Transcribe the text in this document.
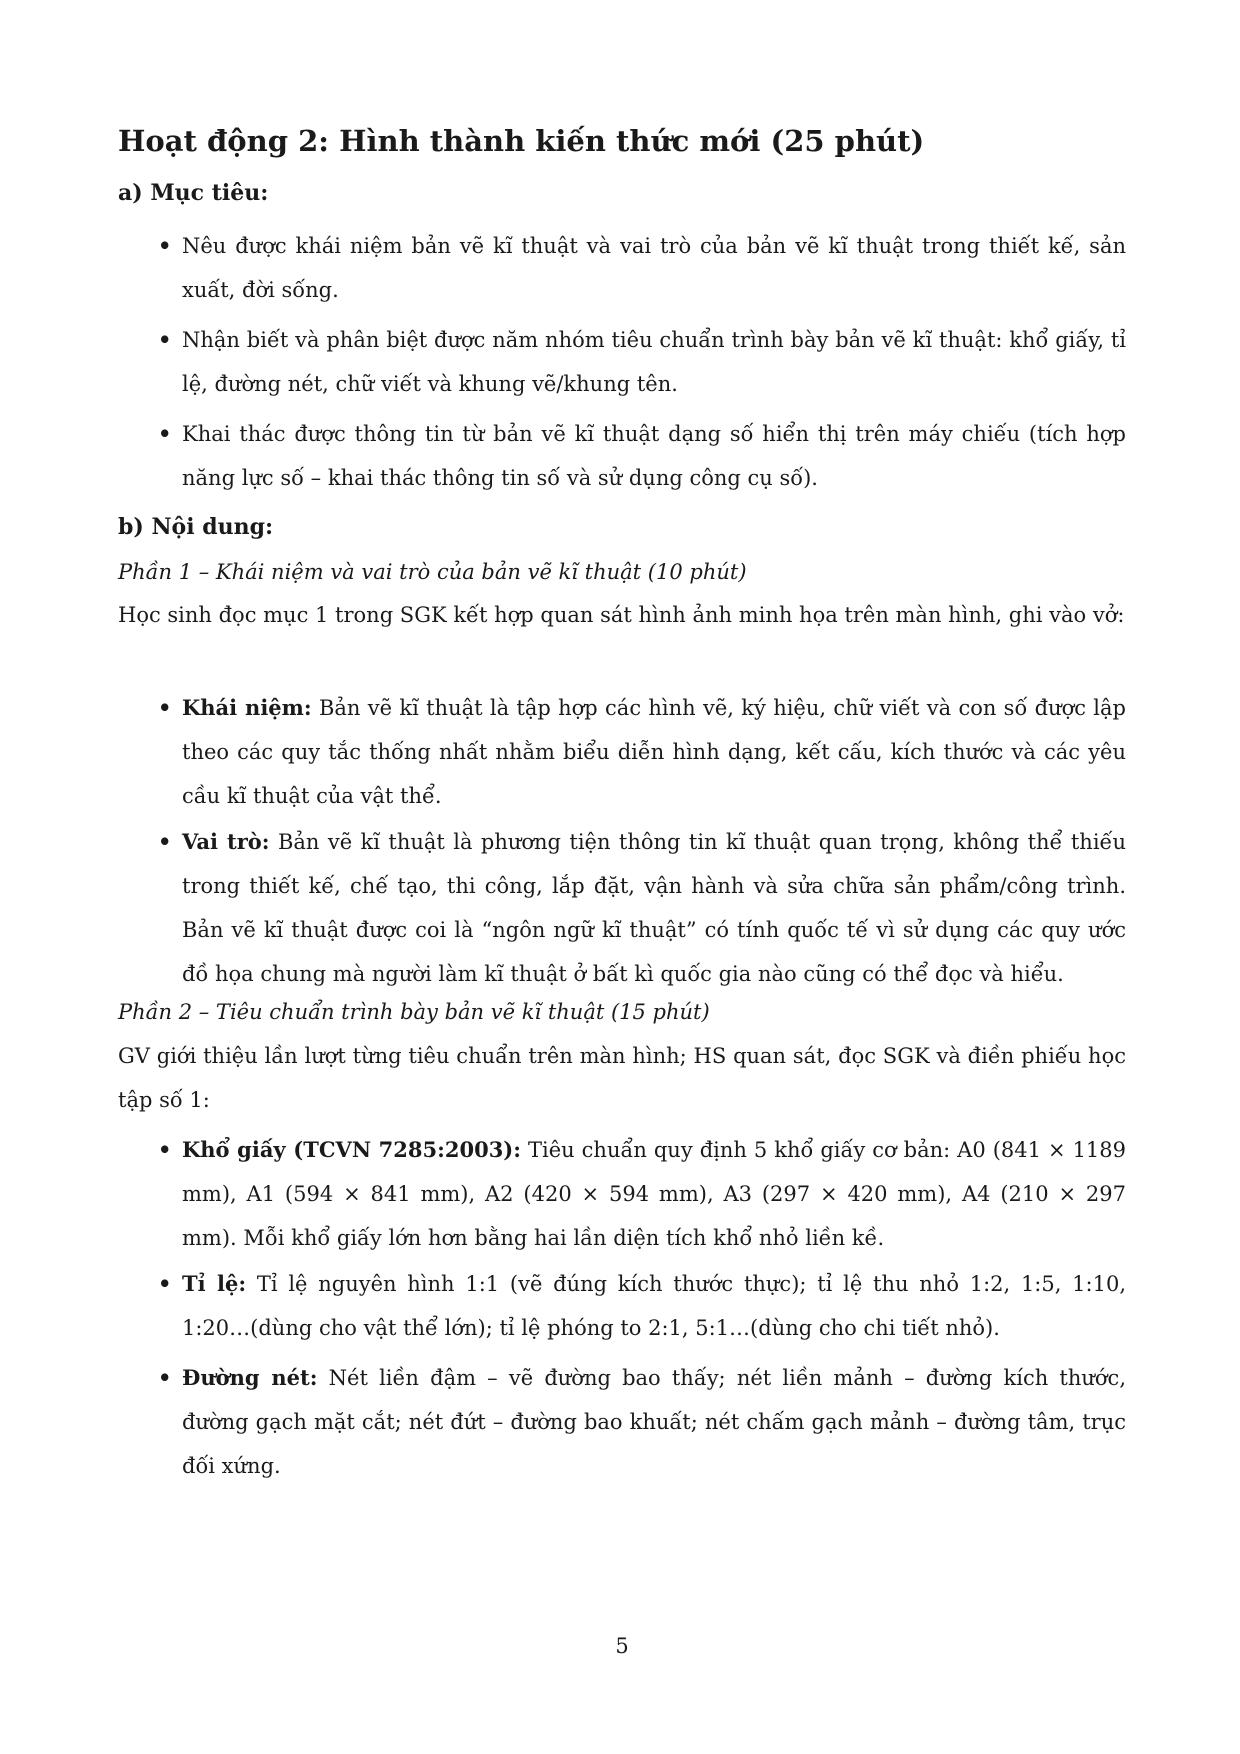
Hoạt động 2: Hình thành kiến thức mới (25 phút)
a) Mục tiêu:

• Nêu được khái niệm bản vẽ kĩ thuật và vai trò của bản vẽ kĩ thuật trong thiết kế, sản xuất, đời sống.

• Nhận biết và phân biệt được năm nhóm tiêu chuẩn trình bày bản vẽ kĩ thuật: khổ giấy, tỉ lệ, đường nét, chữ viết và khung vẽ/khung tên.

• Khai thác được thông tin từ bản vẽ kĩ thuật dạng số hiển thị trên máy chiếu (tích hợp năng lực số – khai thác thông tin số và sử dụng công cụ số).

b) Nội dung:

Phần 1 – Khái niệm và vai trò của bản vẽ kĩ thuật (10 phút)

Học sinh đọc mục 1 trong SGK kết hợp quan sát hình ảnh minh họa trên màn hình, ghi vào vở:

• Khái niệm: Bản vẽ kĩ thuật là tập hợp các hình vẽ, ký hiệu, chữ viết và con số được lập theo các quy tắc thống nhất nhằm biểu diễn hình dạng, kết cấu, kích thước và các yêu cầu kĩ thuật của vật thể.

• Vai trò: Bản vẽ kĩ thuật là phương tiện thông tin kĩ thuật quan trọng, không thể thiếu trong thiết kế, chế tạo, thi công, lắp đặt, vận hành và sửa chữa sản phẩm/công trình. Bản vẽ kĩ thuật được coi là “ngôn ngữ kĩ thuật” có tính quốc tế vì sử dụng các quy ước đồ họa chung mà người làm kĩ thuật ở bất kì quốc gia nào cũng có thể đọc và hiểu.

Phần 2 – Tiêu chuẩn trình bày bản vẽ kĩ thuật (15 phút)

GV giới thiệu lần lượt từng tiêu chuẩn trên màn hình; HS quan sát, đọc SGK và điền phiếu học tập số 1:

• Khổ giấy (TCVN 7285:2003): Tiêu chuẩn quy định 5 khổ giấy cơ bản: A0 (841 × 1189 mm), A1 (594 × 841 mm), A2 (420 × 594 mm), A3 (297 × 420 mm), A4 (210 × 297 mm). Mỗi khổ giấy lớn hơn bằng hai lần diện tích khổ nhỏ liền kề.

• Tỉ lệ: Tỉ lệ nguyên hình 1:1 (vẽ đúng kích thước thực); tỉ lệ thu nhỏ 1:2, 1:5, 1:10, 1:20…(dùng cho vật thể lớn); tỉ lệ phóng to 2:1, 5:1…(dùng cho chi tiết nhỏ).

• Đường nét: Nét liền đậm – vẽ đường bao thấy; nét liền mảnh – đường kích thước, đường gạch mặt cắt; nét đứt – đường bao khuất; nét chấm gạch mảnh – đường tâm, trục đối xứng.

5
